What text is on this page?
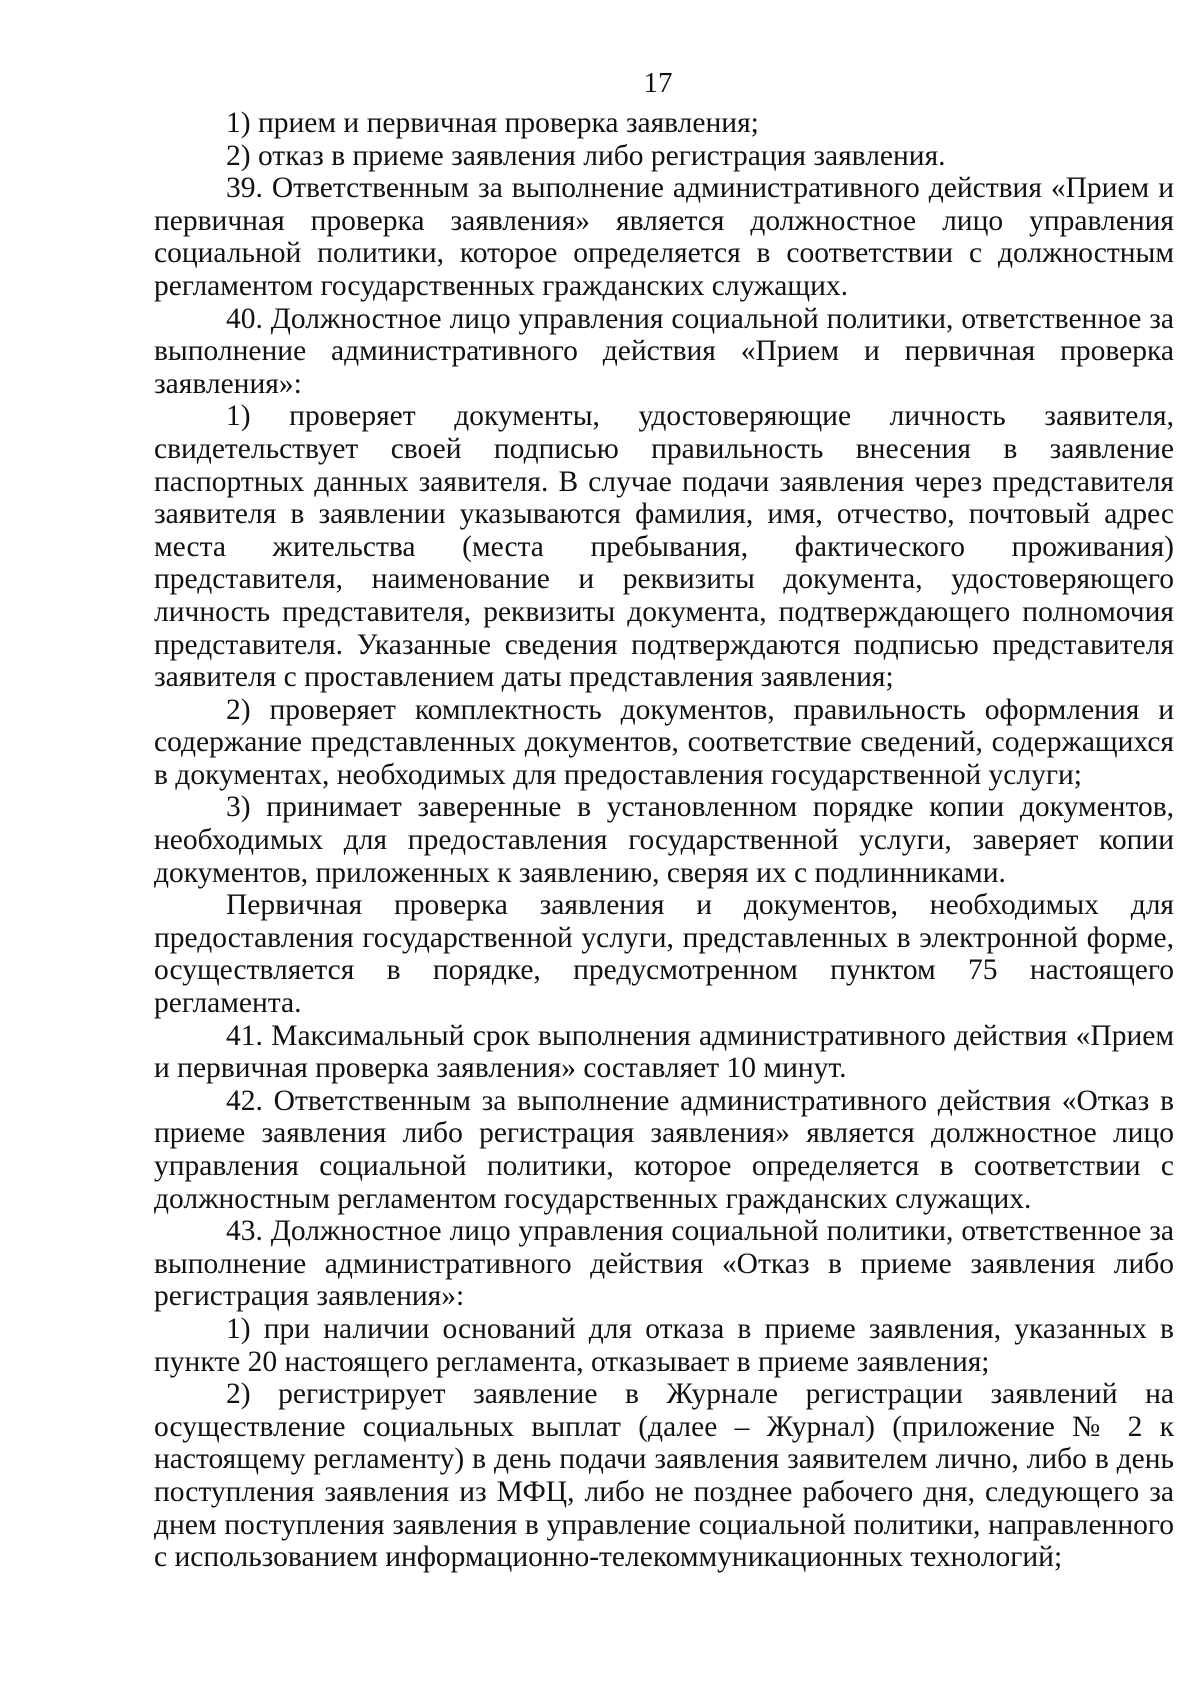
17

1) прием и первичная проверка заявления;

2) отказ в приеме заявления либо регистрация заявления.

39. Ответственным за выполнение административного действия «Прием и первичная проверка заявления» является должностное лицо управления социальной политики, которое определяется в соответствии с должностным регламентом государственных гражданских служащих.

40. Должностное лицо управления социальной политики, ответственное за выполнение административного действия «Прием и первичная проверка заявления»:

1) проверяет документы, удостоверяющие личность заявителя, свидетельствует своей подписью правильность внесения в заявление паспортных данных заявителя. В случае подачи заявления через представителя заявителя в заявлении указываются фамилия, имя, отчество, почтовый адрес места жительства (места пребывания, фактического проживания) представителя, наименование и реквизиты документа, удостоверяющего личность представителя, реквизиты документа, подтверждающего полномочия представителя. Указанные сведения подтверждаются подписью представителя заявителя с проставлением даты представления заявления;

2) проверяет комплектность документов, правильность оформления и содержание представленных документов, соответствие сведений, содержащихся в документах, необходимых для предоставления государственной услуги;

3) принимает заверенные в установленном порядке копии документов, необходимых для предоставления государственной услуги, заверяет копии документов, приложенных к заявлению, сверяя их с подлинниками.

Первичная проверка заявления и документов, необходимых для предоставления государственной услуги, представленных в электронной форме, осуществляется в порядке, предусмотренном пунктом 75 настоящего регламента.

41. Максимальный срок выполнения административного действия «Прием и первичная проверка заявления» составляет 10 минут.

42. Ответственным за выполнение административного действия «Отказ в приеме заявления либо регистрация заявления» является должностное лицо управления социальной политики, которое определяется в соответствии с должностным регламентом государственных гражданских служащих.

43. Должностное лицо управления социальной политики, ответственное за выполнение административного действия «Отказ в приеме заявления либо регистрация заявления»:

1) при наличии оснований для отказа в приеме заявления, указанных в пункте 20 настоящего регламента, отказывает в приеме заявления;

2) регистрирует заявление в Журнале регистрации заявлений на осуществление социальных выплат (далее – Журнал) (приложение № 2 к настоящему регламенту) в день подачи заявления заявителем лично, либо в день поступления заявления из МФЦ, либо не позднее рабочего дня, следующего за днем поступления заявления в управление социальной политики, направленного с использованием информационно-телекоммуникационных технологий;
